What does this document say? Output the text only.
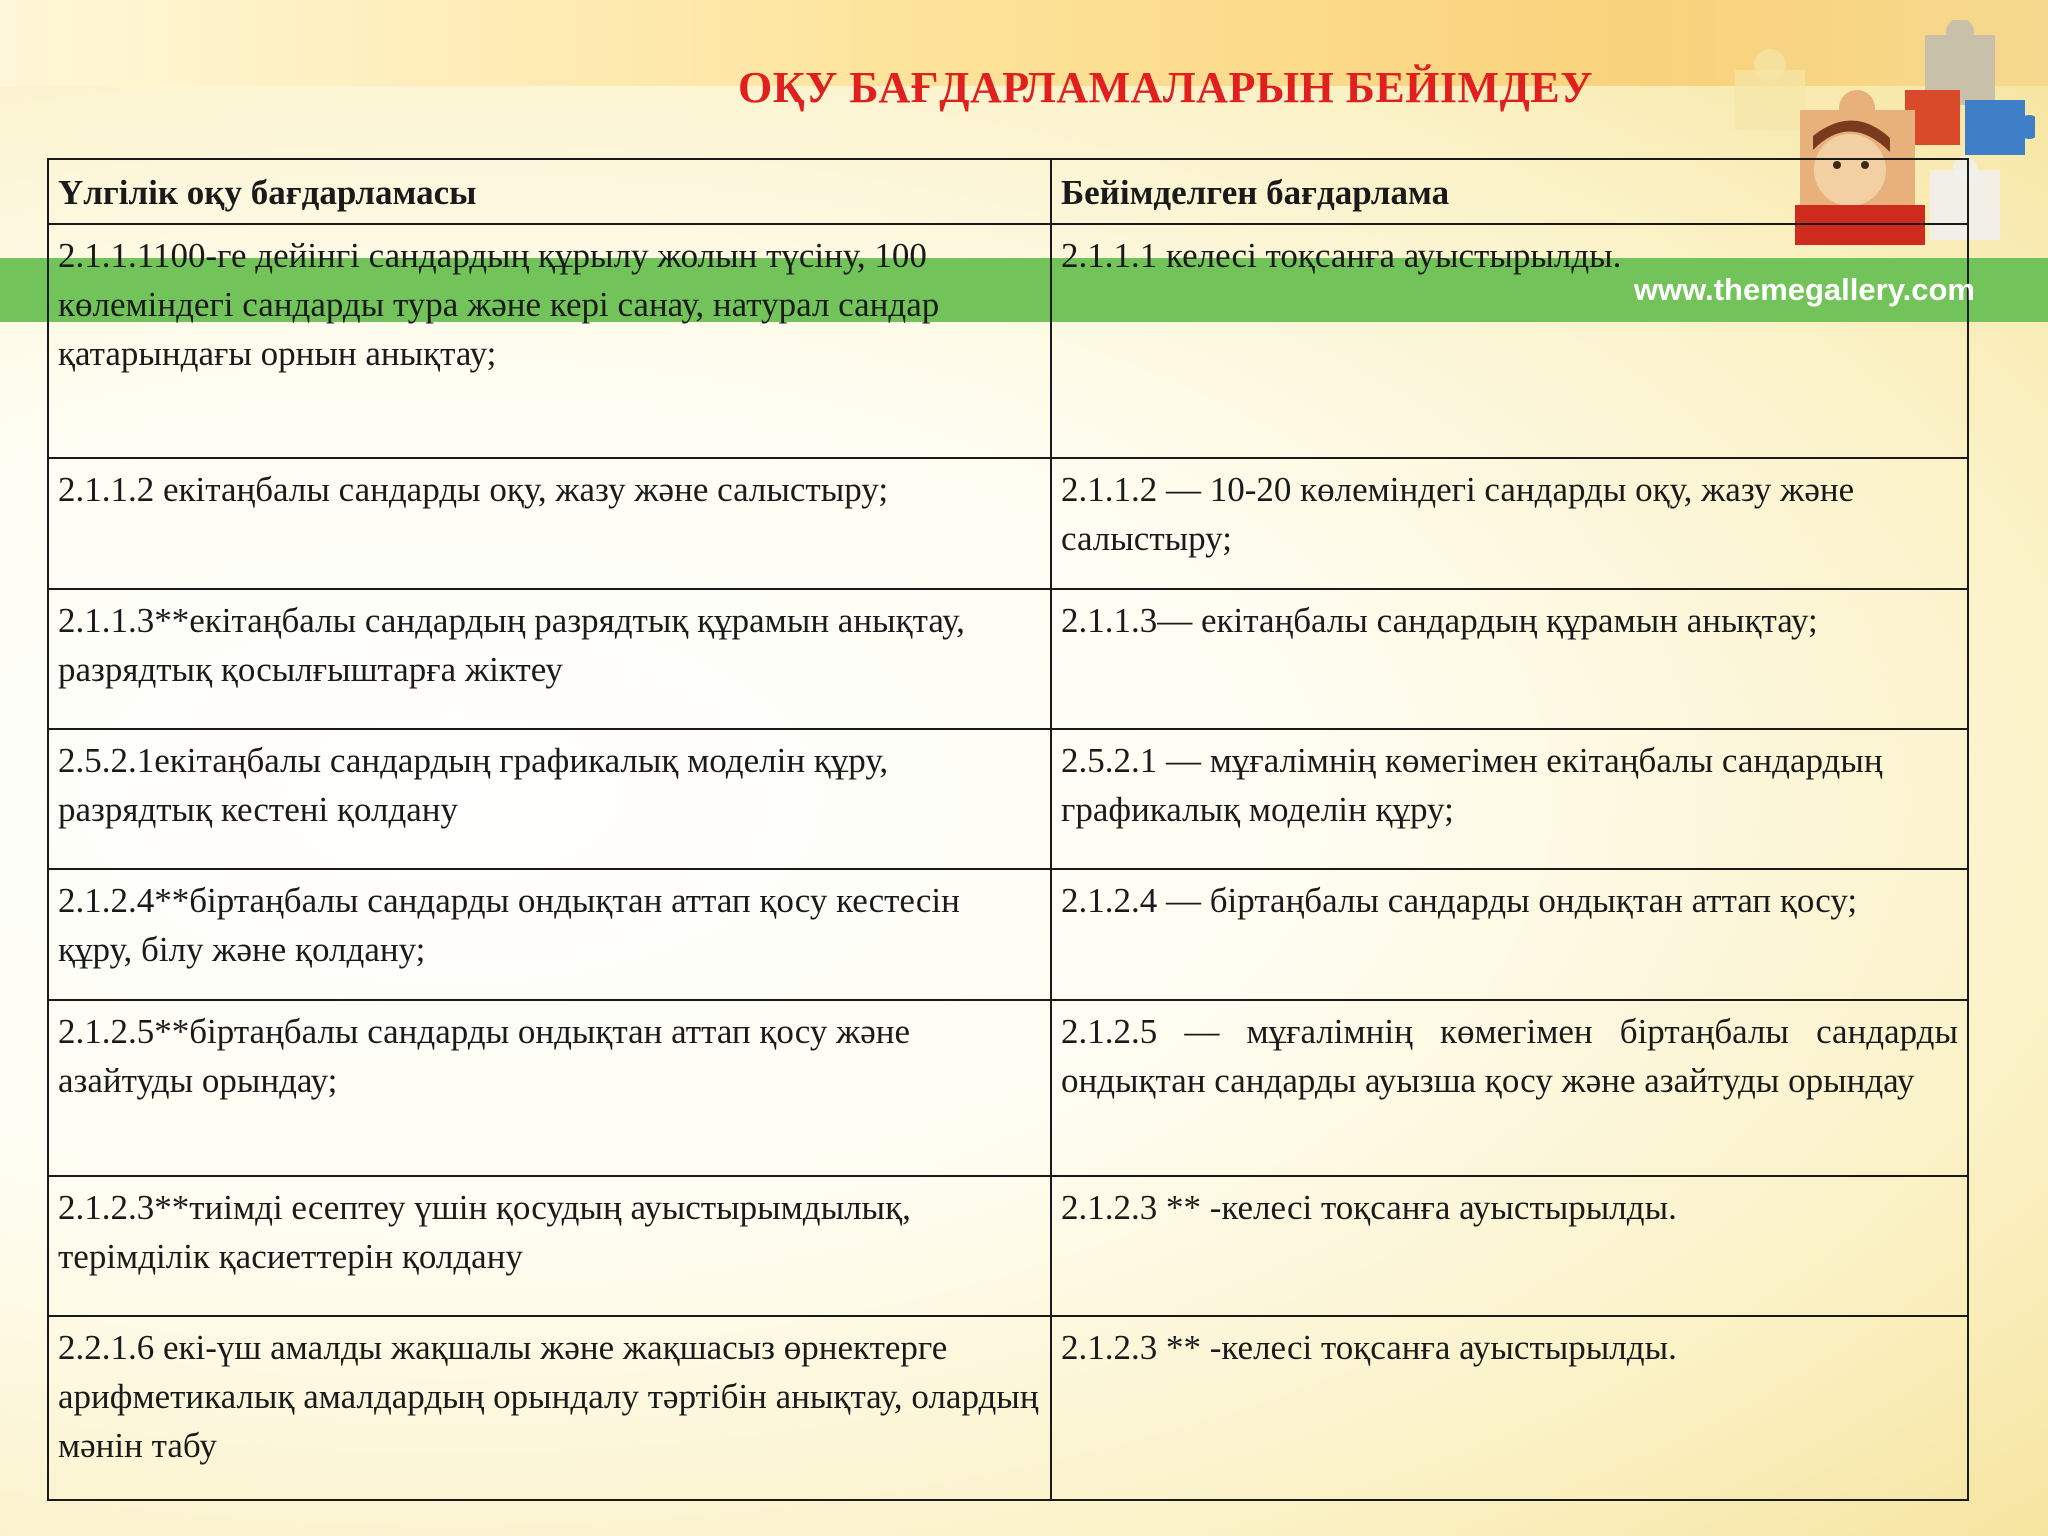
www.themegallery.com
ОҚУ БАҒДАРЛАМАЛАРЫН БЕЙІМДЕУ
Үлгілік оқу бағдарламасы	Бейімделген бағдарлама
2.1.1.1100-ге дейінгі сандардың құрылу жолын түсіну, 100 көлеміндегі сандарды тура және кері санау, натурал сандар қатарындағы орнын анықтау;	2.1.1.1 келесі тоқсанға ауыстырылды.
2.1.1.2 екітаңбалы сандарды оқу, жазу және салыстыру;	2.1.1.2 — 10-20 көлеміндегі сандарды оқу, жазу және салыстыру;
2.1.1.3**екітаңбалы сандардың разрядтық құрамын анықтау, разрядтық қосылғыштарға жіктеу	2.1.1.3— екітаңбалы сандардың құрамын анықтау;
2.5.2.1екітаңбалы сандардың графикалық моделін құру, разрядтық кестені қолдану	2.5.2.1 — мұғалімнің көмегімен екітаңбалы сандардың графикалық моделін құру;
2.1.2.4**біртаңбалы сандарды ондықтан аттап қосу кестесін құру, білу және қолдану;	2.1.2.4 — біртаңбалы сандарды ондықтан аттап қосу;
2.1.2.5**біртаңбалы сандарды ондықтан аттап қосу және азайтуды орындау;	2.1.2.5 — мұғалімнің көмегімен біртаңбалы сандарды ондықтан сандарды ауызша қосу және азайтуды орындау
2.1.2.3**тиімді есептеу үшін қосудың ауыстырымдылық, терімділік қасиеттерін қолдану	2.1.2.3 ** -келесі тоқсанға ауыстырылды.
2.2.1.6 екі-үш амалды жақшалы және жақшасыз өрнектерге арифметикалық амалдардың орындалу тәртібін анықтау, олардың мәнін табу	2.1.2.3 ** -келесі тоқсанға ауыстырылды.
